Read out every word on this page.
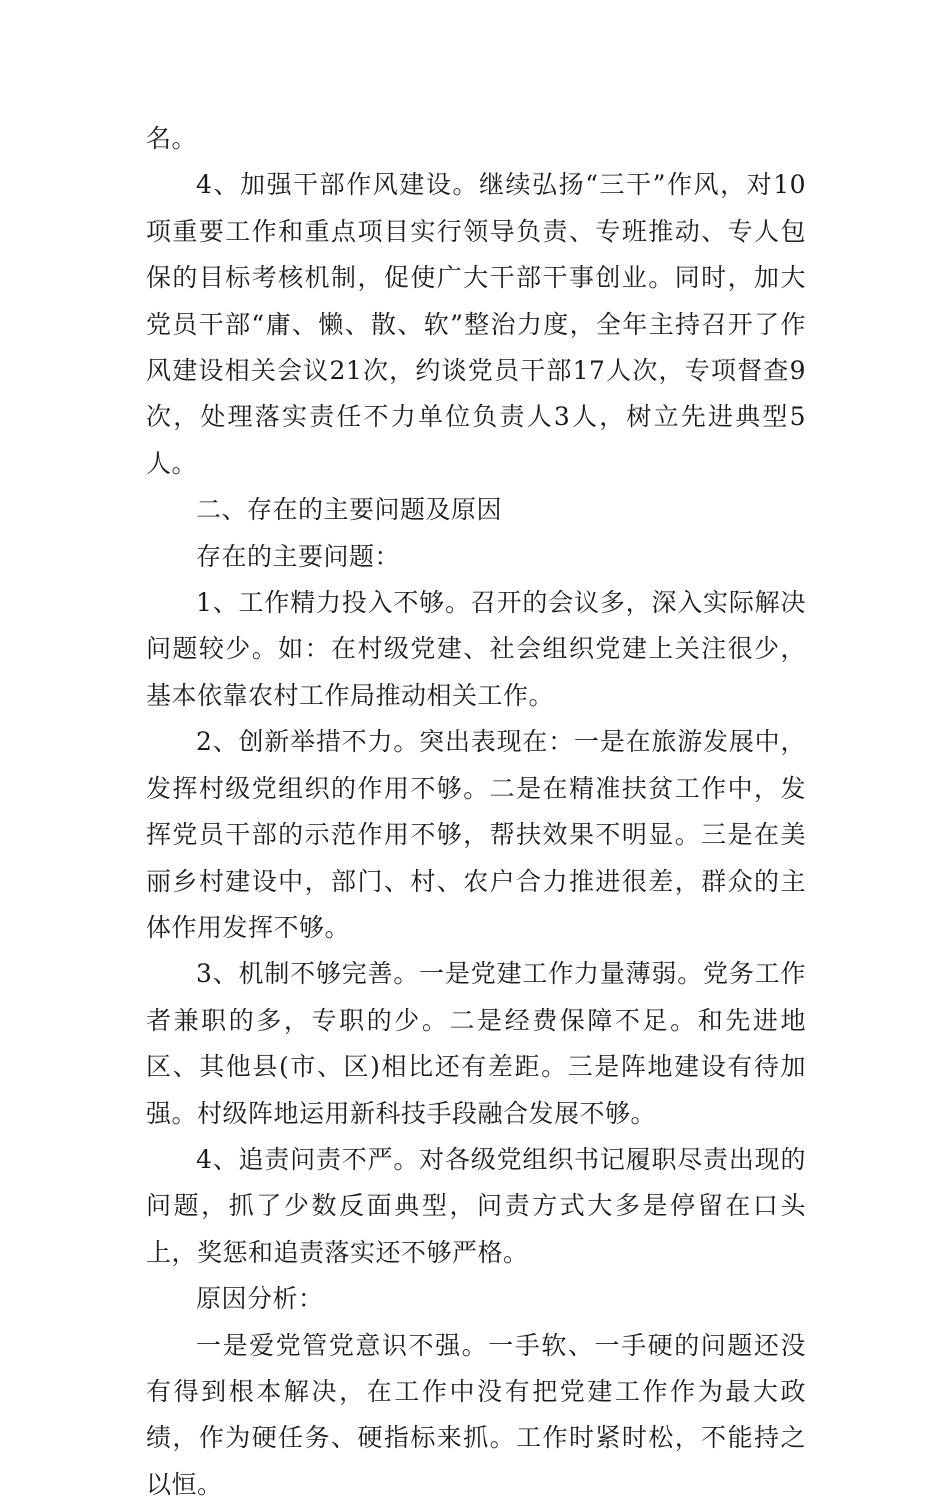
名。

4、加强干部作风建设。继续弘扬“三干”作风，对10项重要工作和重点项目实行领导负责、专班推动、专人包保的目标考核机制，促使广大干部干事创业。同时，加大党员干部“庸、懒、散、软”整治力度，全年主持召开了作风建设相关会议21次，约谈党员干部17人次，专项督查9次，处理落实责任不力单位负责人3人，树立先进典型5人。

二、存在的主要问题及原因

存在的主要问题：

1、工作精力投入不够。召开的会议多，深入实际解决问题较少。如：在村级党建、社会组织党建上关注很少，基本依靠农村工作局推动相关工作。

2、创新举措不力。突出表现在：一是在旅游发展中，发挥村级党组织的作用不够。二是在精准扶贫工作中，发挥党员干部的示范作用不够，帮扶效果不明显。三是在美丽乡村建设中，部门、村、农户合力推进很差，群众的主体作用发挥不够。

3、机制不够完善。一是党建工作力量薄弱。党务工作者兼职的多，专职的少。二是经费保障不足。和先进地区、其他县(市、区)相比还有差距。三是阵地建设有待加强。村级阵地运用新科技手段融合发展不够。

4、追责问责不严。对各级党组织书记履职尽责出现的问题，抓了少数反面典型，问责方式大多是停留在口头上，奖惩和追责落实还不够严格。

原因分析：

一是爱党管党意识不强。一手软、一手硬的问题还没有得到根本解决，在工作中没有把党建工作作为最大政绩，作为硬任务、硬指标来抓。工作时紧时松，不能持之以恒。
